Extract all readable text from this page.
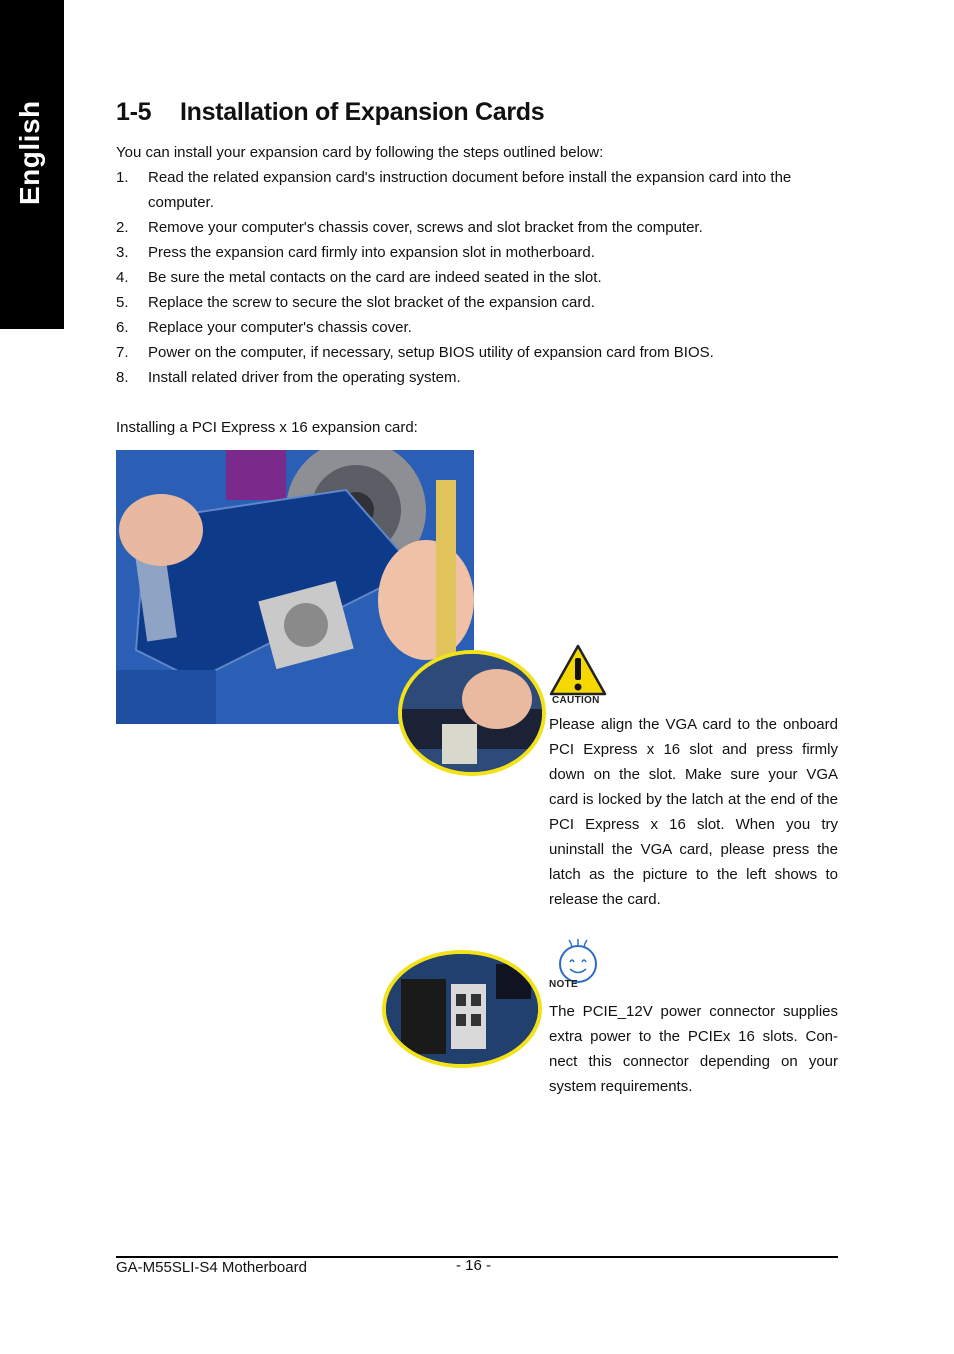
English	1-5 Installation of Expansion Cards
You can install your expansion card by following the steps outlined below:
1. Read the related expansion card's instruction document before install the expansion card into the computer.
2. Remove your computer's chassis cover, screws and slot bracket from the computer.
3. Press the expansion card firmly into expansion slot in motherboard.
4. Be sure the metal contacts on the card are indeed seated in the slot.
5. Replace the screw to secure the slot bracket of the expansion card.
6. Replace your computer's chassis cover.
7. Power on the computer, if necessary, setup BIOS utility of expansion card from BIOS.
8. Install related driver from the operating system.
Installing a PCI Express x 16 expansion card:
CAUTION
Please align the VGA card to the onboard PCI Express x 16 slot and press firmly down on the slot. Make sure your VGA card is locked by the latch at the end of the PCI Express x 16 slot. When you try uninstall the VGA card, please press the latch as the picture to the left shows to release the card.
NOTE
The PCIE_12V power connector supplies extra power to the PCIEx 16 slots. Con-nect this connector depending on your system requirements.
GA-M55SLI-S4 Motherboard	- 16 -
